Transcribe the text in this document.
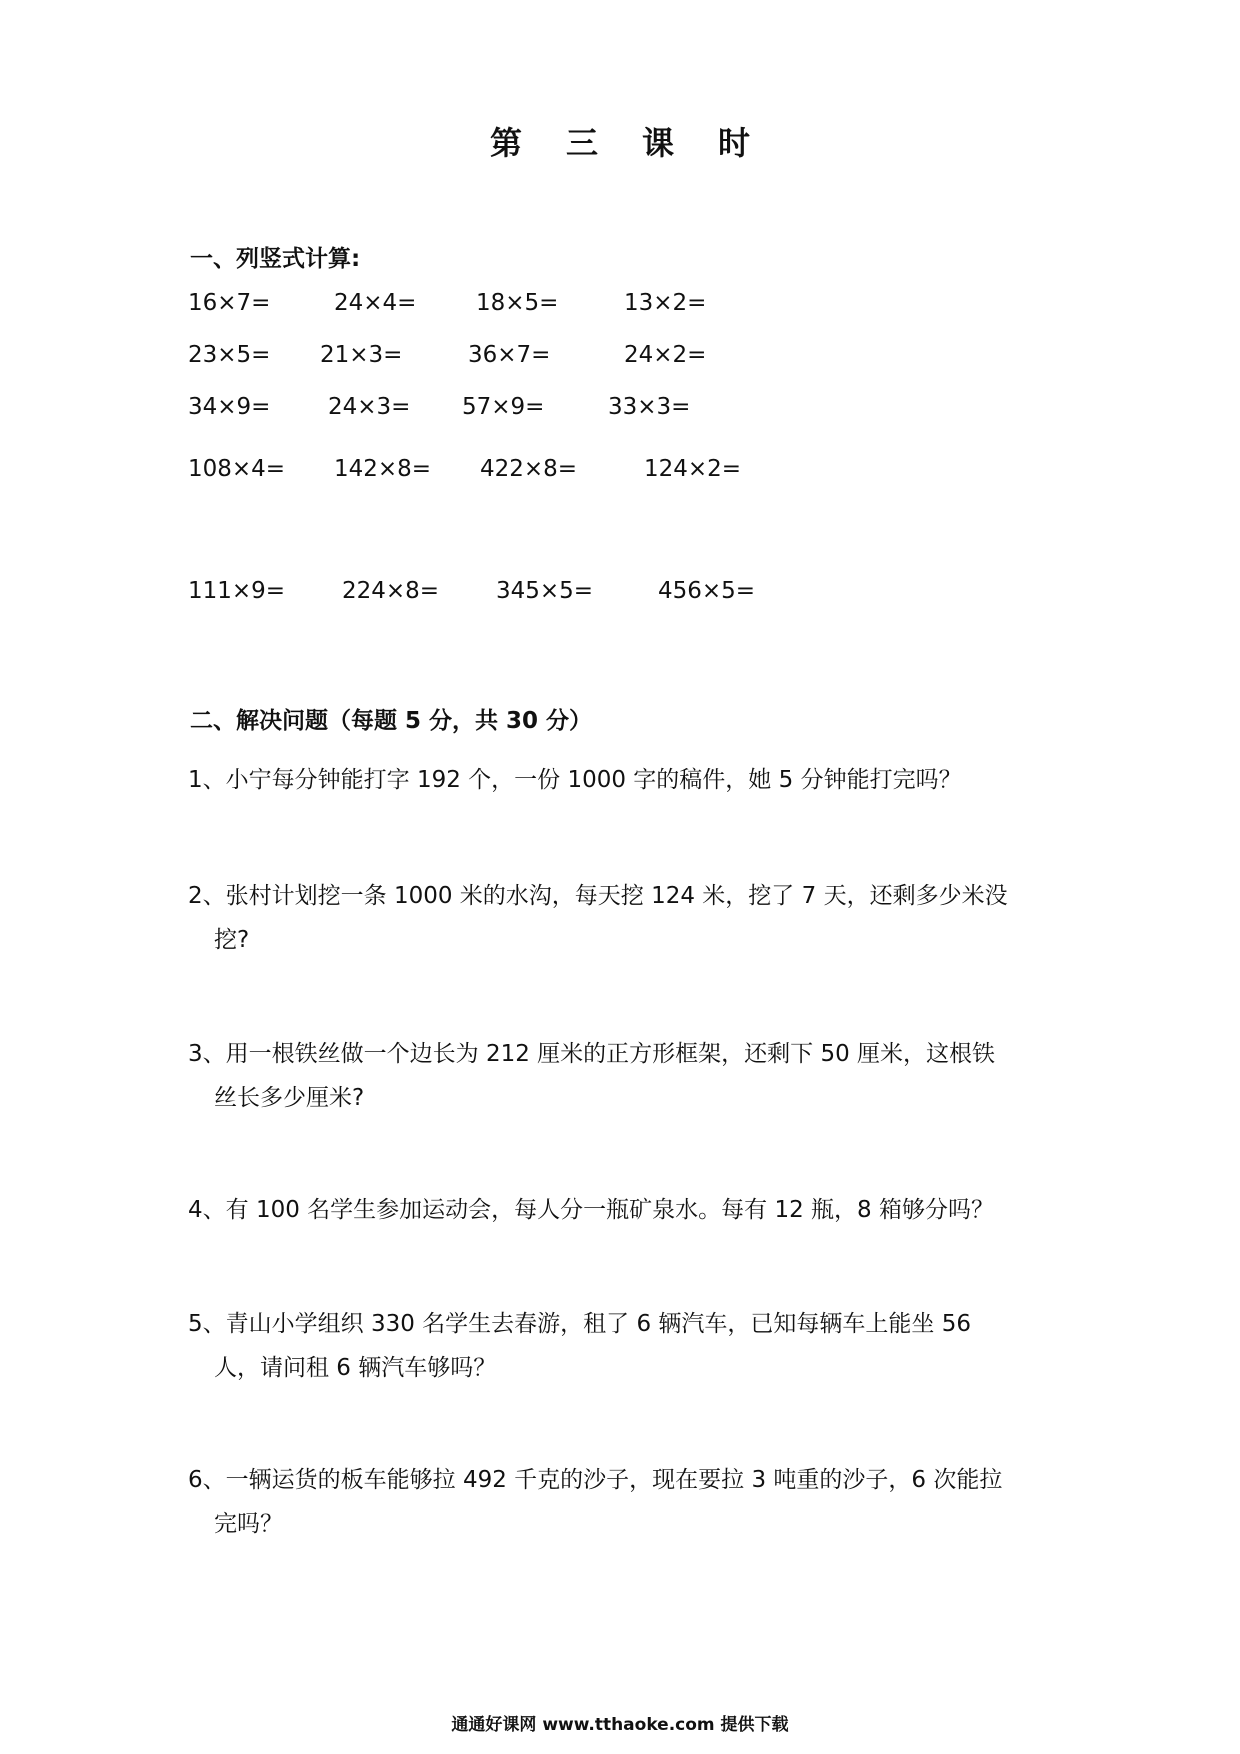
第 三 课 时
一、列竖式计算:
16×7=	24×4=	18×5=	13×2=
23×5= 21×3=	36×7=	24×2=
34×9=	24×3= 57×9=	33×3=
108×4= 142×8= 422×8=	124×2=
111×9= 224×8= 345×5=	456×5=
二、解决问题（每题 5 分，共 30 分）
1、小宁每分钟能打字 192 个，一份 1000 字的稿件，她 5 分钟能打完吗？
2、张村计划挖一条 1000 米的水沟，每天挖 124 米，挖了 7 天，还剩多少米没
挖?
3、用一根铁丝做一个边长为 212 厘米的正方形框架，还剩下 50 厘米，这根铁
丝长多少厘米?
4、有 100 名学生参加运动会，每人分一瓶矿泉水。每有 12 瓶，8 箱够分吗？
5、青山小学组织 330 名学生去春游，租了 6 辆汽车，已知每辆车上能坐 56
人，请问租 6 辆汽车够吗？
6、一辆运货的板车能够拉 492 千克的沙子，现在要拉 3 吨重的沙子，6 次能拉
完吗？
通通好课网 www.tthaoke.com 提供下载
